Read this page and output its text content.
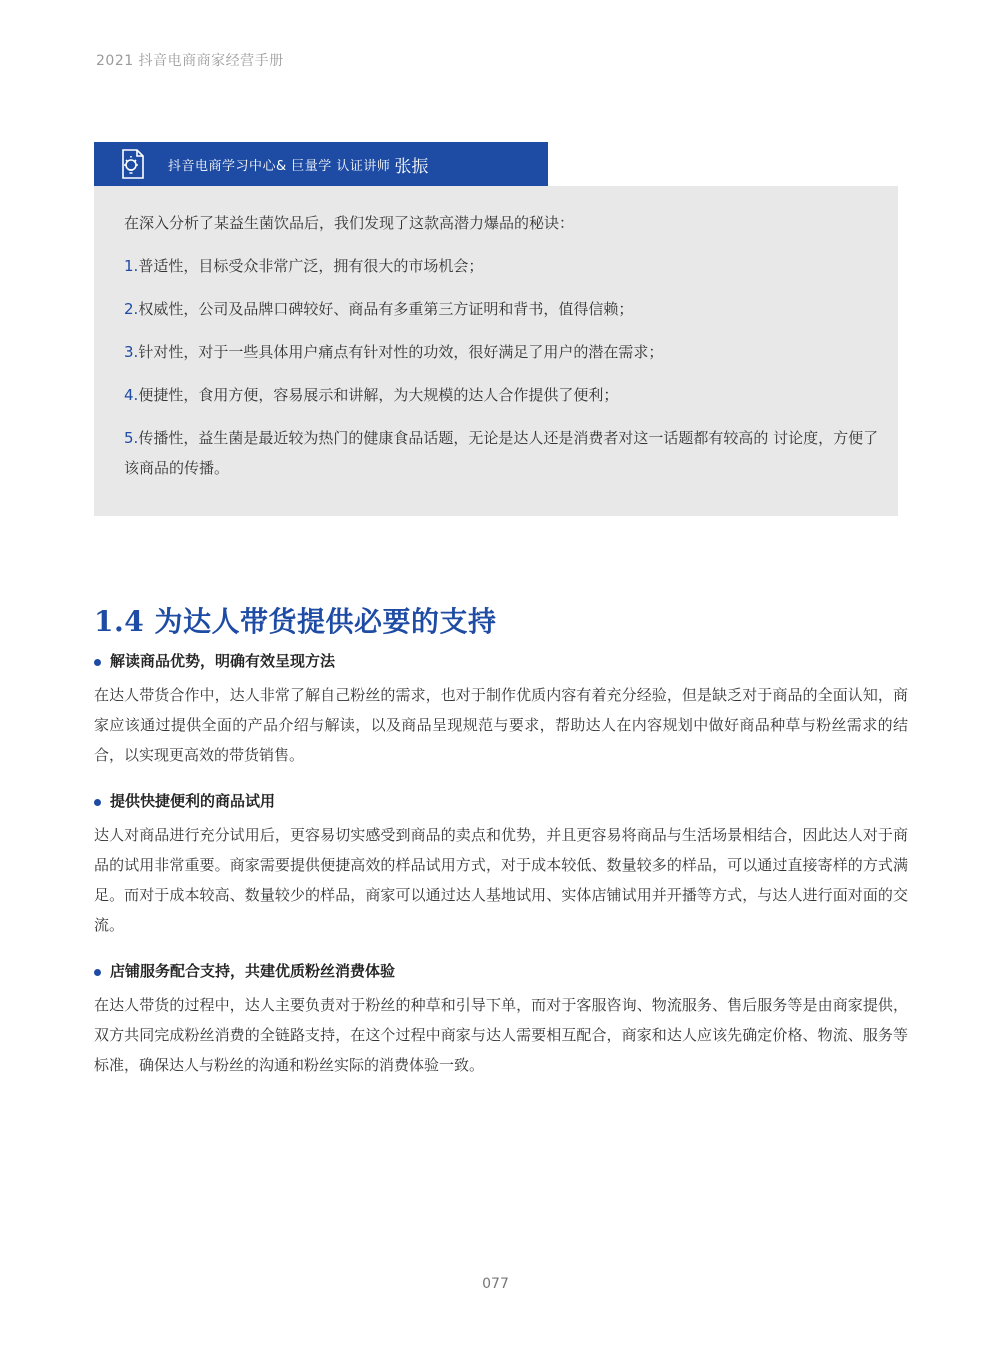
2021 抖音电商商家经营手册
抖音电商学习中心& 巨量学 认证讲师 张振

在深入分析了某益生菌饮品后，我们发现了这款高潜力爆品的秘诀：

1.普适性，目标受众非常广泛，拥有很大的市场机会；

2.权威性，公司及品牌口碑较好、商品有多重第三方证明和背书，值得信赖；

3.针对性，对于一些具体用户痛点有针对性的功效，很好满足了用户的潜在需求；

4.便捷性，食用方便，容易展示和讲解，为大规模的达人合作提供了便利；

5.传播性，益生菌是最近较为热门的健康食品话题，无论是达人还是消费者对这一话题都有较高的 讨论度，方便了该商品的传播。

1.4 为达人带货提供必要的支持
解读商品优势，明确有效呈现方法
在达人带货合作中，达人非常了解自己粉丝的需求，也对于制作优质内容有着充分经验，但是缺乏对于商品的全面认知，商家应该通过提供全面的产品介绍与解读，以及商品呈现规范与要求，帮助达人在内容规划中做好商品种草与粉丝需求的结合，以实现更高效的带货销售。
提供快捷便利的商品试用
达人对商品进行充分试用后，更容易切实感受到商品的卖点和优势，并且更容易将商品与生活场景相结合，因此达人对于商品的试用非常重要。商家需要提供便捷高效的样品试用方式，对于成本较低、数量较多的样品，可以通过直接寄样的方式满足。而对于成本较高、数量较少的样品，商家可以通过达人基地试用、实体店铺试用并开播等方式，与达人进行面对面的交流。
店铺服务配合支持，共建优质粉丝消费体验
在达人带货的过程中，达人主要负责对于粉丝的种草和引导下单，而对于客服咨询、物流服务、售后服务等是由商家提供，双方共同完成粉丝消费的全链路支持，在这个过程中商家与达人需要相互配合，商家和达人应该先确定价格、物流、服务等标准，确保达人与粉丝的沟通和粉丝实际的消费体验一致。
077
